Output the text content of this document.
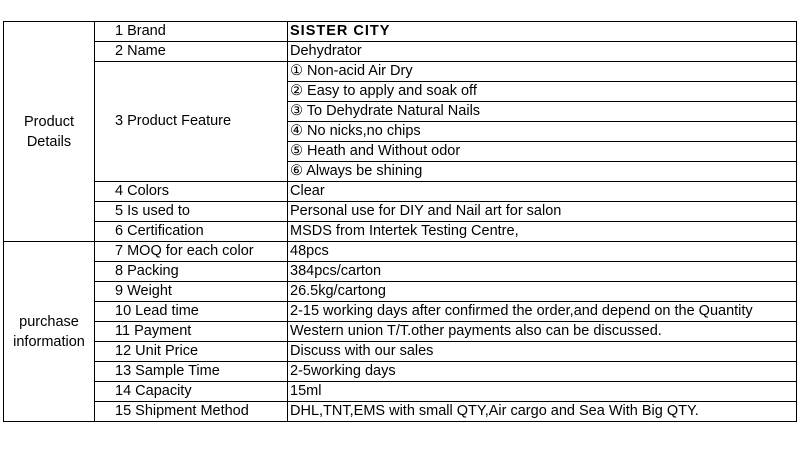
Product Details	1 Brand	SISTER CITY
	2 Name	Dehydrator
	3 Product Feature	① Non-acid Air Dry
		② Easy to apply and soak off
		③ To Dehydrate Natural Nails
		④ No nicks,no chips
		⑤ Heath and Without odor
		⑥ Always be shining
	4 Colors	Clear
	5 Is used to	Personal use for DIY and Nail art for salon
	6 Certification	MSDS from Intertek Testing Centre,
purchase information	7 MOQ for each color	48pcs
	8 Packing	384pcs/carton
	9 Weight	26.5kg/cartong
	10 Lead time	2-15 working days after confirmed the order,and depend on the Quantity
	11 Payment	Western union T/T.other payments also can be discussed.
	12 Unit Price	Discuss with our sales
	13 Sample Time	2-5working days
	14 Capacity	15ml
	15 Shipment Method	DHL,TNT,EMS with small QTY,Air cargo and Sea With Big QTY.
